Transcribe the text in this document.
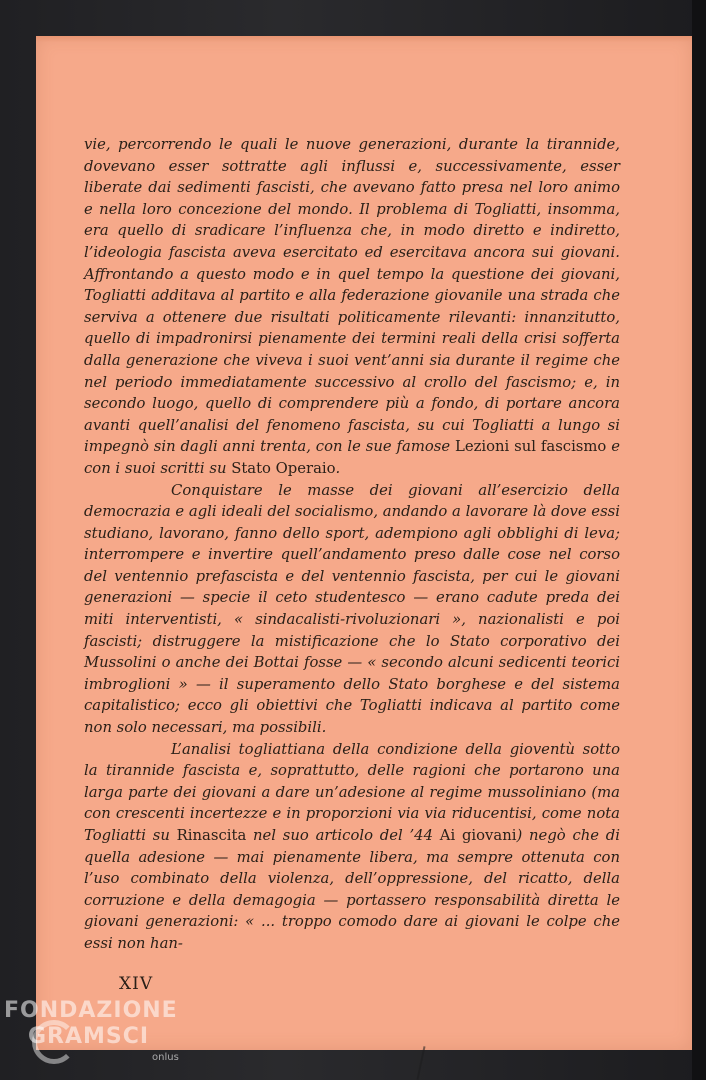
vie, percorrendo le quali le nuove generazioni, durante la tirannide, dovevano esser sottratte agli influssi e, successivamente, esser liberate dai sedimenti fascisti, che avevano fatto presa nel loro animo e nella loro concezione del mondo. Il problema di Togliatti, insomma, era quello di sradicare l’influenza che, in modo diretto e indiretto, l’ideologia fascista aveva esercitato ed esercitava ancora sui giovani. Affrontando a questo modo e in quel tempo la questione dei giovani, Togliatti additava al partito e alla federazione giovanile una strada che serviva a ottenere due risultati politicamente rilevanti: innanzitutto, quello di impadronirsi pienamente dei termini reali della crisi sofferta dalla generazione che viveva i suoi vent’anni sia durante il regime che nel periodo immediatamente successivo al crollo del fascismo; e, in secondo luogo, quello di comprendere più a fondo, di portare ancora avanti quell’analisi del fenomeno fascista, su cui Togliatti a lungo si impegnò sin dagli anni trenta, con le sue famose Lezioni sul fascismo e con i suoi scritti su Stato Operaio.

Conquistare le masse dei giovani all’esercizio della democrazia e agli ideali del socialismo, andando a lavorare là dove essi studiano, lavorano, fanno dello sport, adempiono agli obblighi di leva; interrompere e invertire quell’andamento preso dalle cose nel corso del ventennio prefascista e del ventennio fascista, per cui le giovani generazioni — specie il ceto studentesco — erano cadute preda dei miti interventisti, « sindacalisti-rivoluzionari », nazionalisti e poi fascisti; distruggere la mistificazione che lo Stato corporativo dei Mussolini o anche dei Bottai fosse — « secondo alcuni sedicenti teorici imbroglioni » — il superamento dello Stato borghese e del sistema capitalistico; ecco gli obiettivi che Togliatti indicava al partito come non solo necessari, ma possibili.

L’analisi togliattiana della condizione della gioventù sotto la tirannide fascista e, soprattutto, delle ragioni che portarono una larga parte dei giovani a dare un’adesione al regime mussoliniano (ma con crescenti incertezze e in proporzioni via via riducentisi, come nota Togliatti su Rinascita nel suo articolo del ’44 Ai giovani) negò che di quella adesione — mai pienamente libera, ma sempre ottenuta con l’uso combinato della violenza, dell’oppressione, del ricatto, della corruzione e della demagogia — portassero responsabilità diretta le giovani generazioni: « ... troppo comodo dare ai giovani le colpe che essi non han-

XIV
FONDAZIONE
GRAMSCI
onlus
